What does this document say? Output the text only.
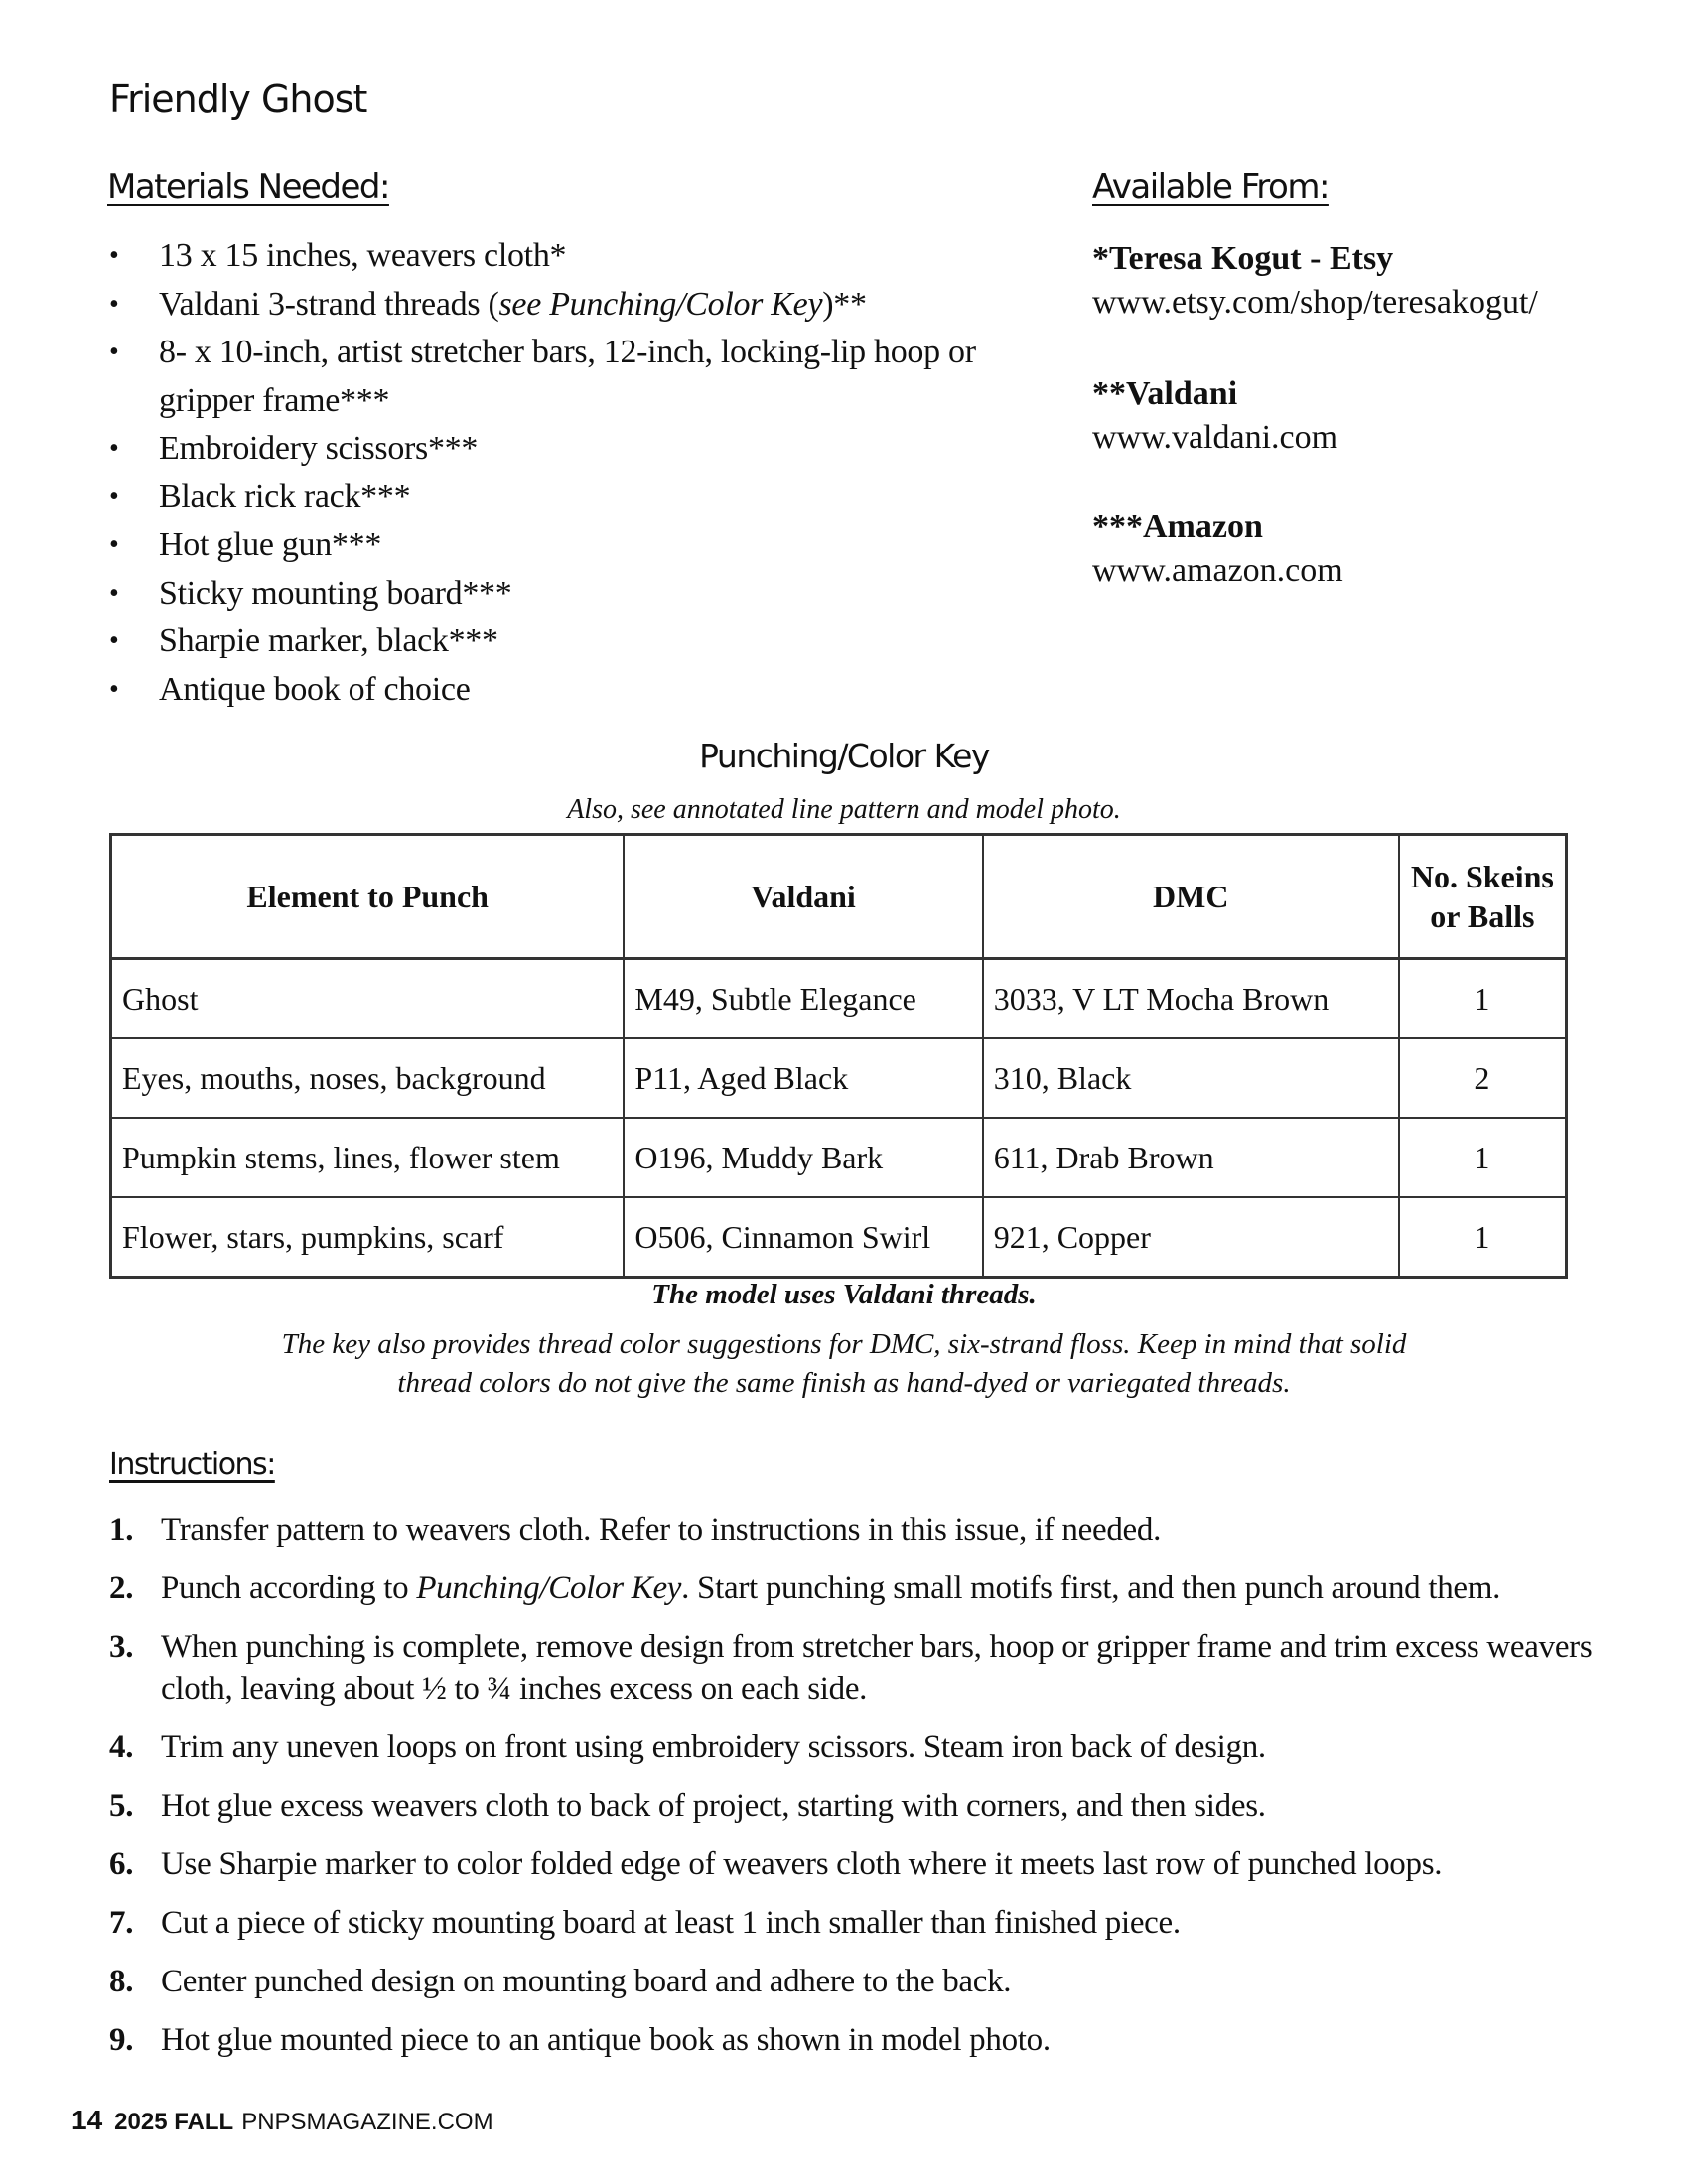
Friendly Ghost
Materials Needed:
• 13 x 15 inches, weavers cloth*
• Valdani 3-strand threads (see Punching/Color Key)**
• 8- x 10-inch, artist stretcher bars, 12-inch, locking-lip hoop or gripper frame***
• Embroidery scissors***
• Black rick rack***
• Hot glue gun***
• Sticky mounting board***
• Sharpie marker, black***
• Antique book of choice
Available From:
*Teresa Kogut - Etsy
www.etsy.com/shop/teresakogut/
**Valdani
www.valdani.com
***Amazon
www.amazon.com
Punching/Color Key
Also, see annotated line pattern and model photo.
Element to Punch	Valdani	DMC	No. Skeins or Balls
Ghost	M49, Subtle Elegance	3033, V LT Mocha Brown	1
Eyes, mouths, noses, background	P11, Aged Black	310, Black	2
Pumpkin stems, lines, flower stem	O196, Muddy Bark	611, Drab Brown	1
Flower, stars, pumpkins, scarf	O506, Cinnamon Swirl	921, Copper	1
The model uses Valdani threads.
The key also provides thread color suggestions for DMC, six-strand floss. Keep in mind that solid thread colors do not give the same finish as hand-dyed or variegated threads.
Instructions:
1. Transfer pattern to weavers cloth. Refer to instructions in this issue, if needed.
2. Punch according to Punching/Color Key. Start punching small motifs first, and then punch around them.
3. When punching is complete, remove design from stretcher bars, hoop or gripper frame and trim excess weavers cloth, leaving about ½ to ¾ inches excess on each side.
4. Trim any uneven loops on front using embroidery scissors. Steam iron back of design.
5. Hot glue excess weavers cloth to back of project, starting with corners, and then sides.
6. Use Sharpie marker to color folded edge of weavers cloth where it meets last row of punched loops.
7. Cut a piece of sticky mounting board at least 1 inch smaller than finished piece.
8. Center punched design on mounting board and adhere to the back.
9. Hot glue mounted piece to an antique book as shown in model photo.
14 2025 FALL PNPSMAGAZINE.COM
